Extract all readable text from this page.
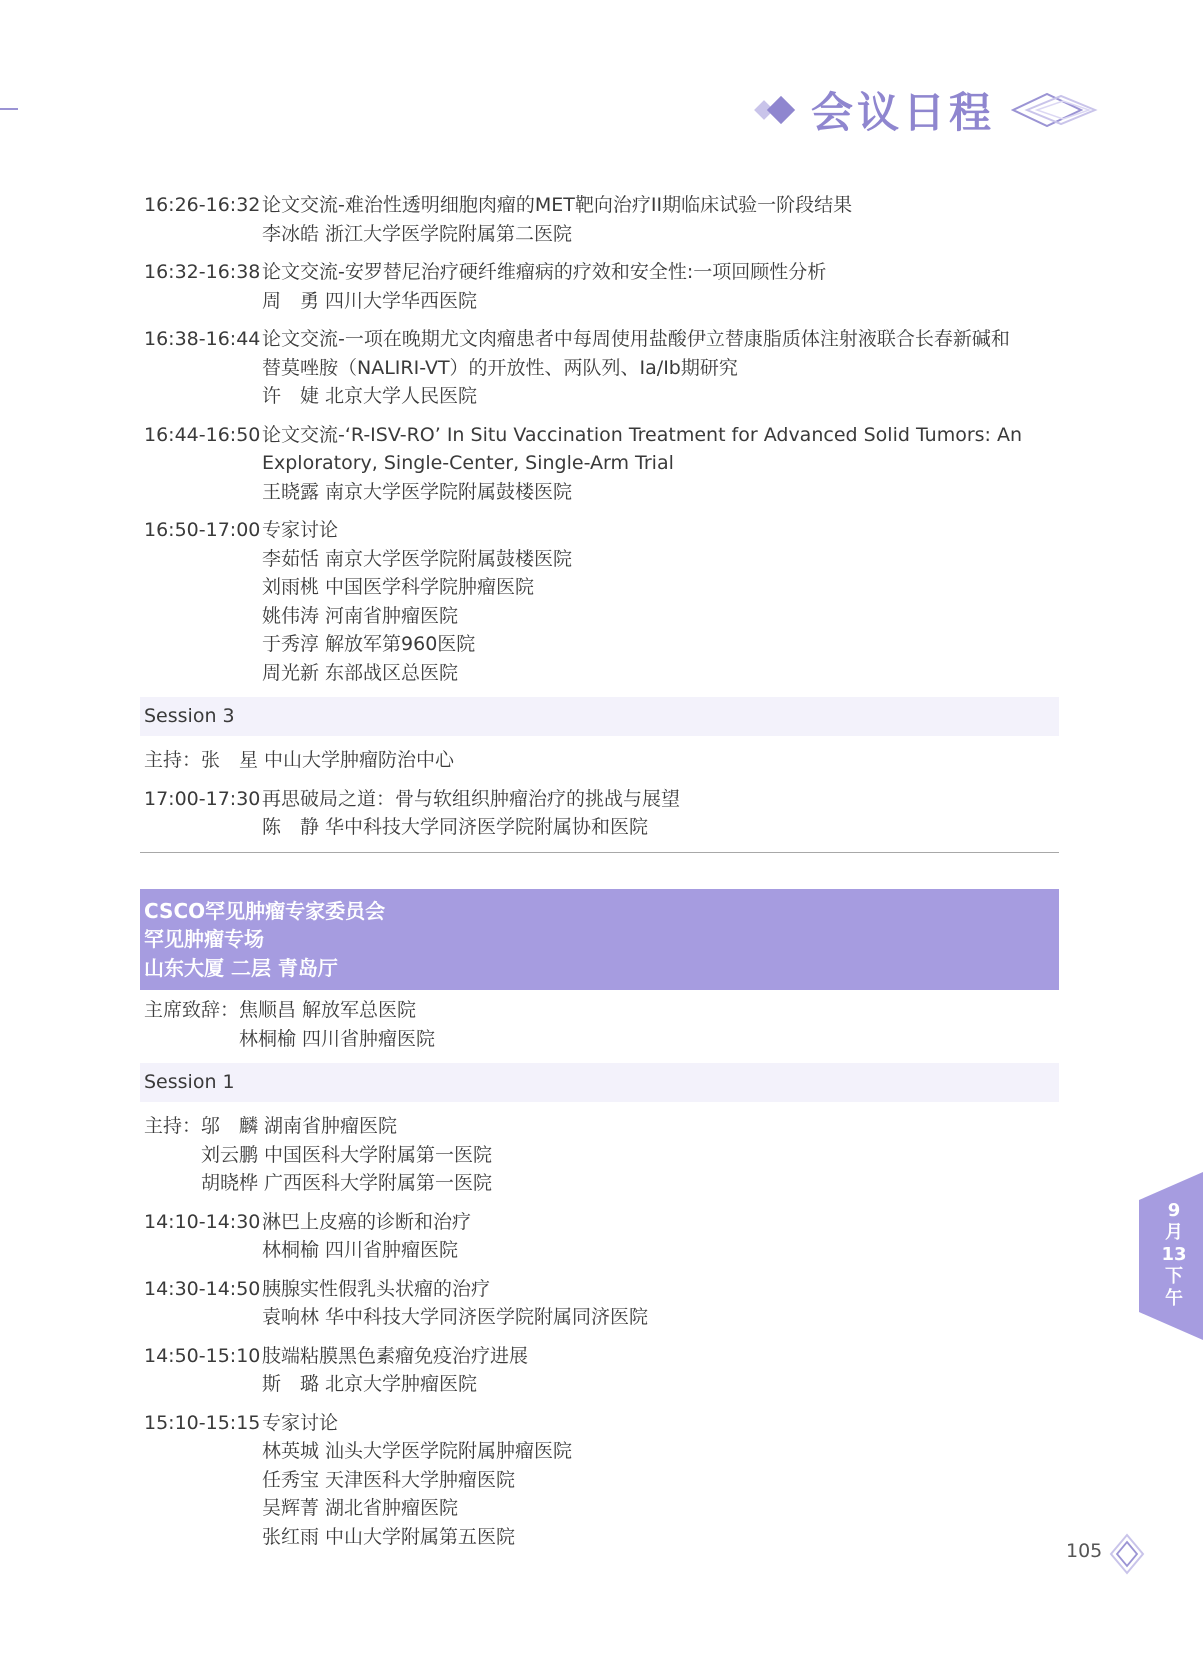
会议日程
16:26-16:32 论文交流-难治性透明细胞肉瘤的MET靶向治疗II期临床试验一阶段结果
李冰皓 浙江大学医学院附属第二医院
16:32-16:38 论文交流-安罗替尼治疗硬纤维瘤病的疗效和安全性:一项回顾性分析
周　勇 四川大学华西医院
16:38-16:44 论文交流-一项在晚期尤文肉瘤患者中每周使用盐酸伊立替康脂质体注射液联合长春新碱和
替莫唑胺（NALIRI-VT）的开放性、两队列、Ia/Ib期研究
许　婕 北京大学人民医院
16:44-16:50 论文交流-‘R-ISV-RO’ In Situ Vaccination Treatment for Advanced Solid Tumors: An
Exploratory, Single-Center, Single-Arm Trial
王晓露 南京大学医学院附属鼓楼医院
16:50-17:00 专家讨论
李茹恬 南京大学医学院附属鼓楼医院
刘雨桃 中国医学科学院肿瘤医院
姚伟涛 河南省肿瘤医院
于秀淳 解放军第960医院
周光新 东部战区总医院
Session 3
主持：张　星 中山大学肿瘤防治中心
17:00-17:30 再思破局之道：骨与软组织肿瘤治疗的挑战与展望
陈　静 华中科技大学同济医学院附属协和医院
CSCO罕见肿瘤专家委员会
罕见肿瘤专场
山东大厦 二层 青岛厅
主席致辞： 焦顺昌 解放军总医院
林桐榆 四川省肿瘤医院
Session 1
主持： 邬　麟 湖南省肿瘤医院
刘云鹏 中国医科大学附属第一医院
胡晓桦 广西医科大学附属第一医院
14:10-14:30 淋巴上皮癌的诊断和治疗
林桐榆 四川省肿瘤医院
14:30-14:50 胰腺实性假乳头状瘤的治疗
袁响林 华中科技大学同济医学院附属同济医院
14:50-15:10 肢端粘膜黑色素瘤免疫治疗进展
斯　璐 北京大学肿瘤医院
15:10-15:15 专家讨论
林英城 汕头大学医学院附属肿瘤医院
任秀宝 天津医科大学肿瘤医院
吴辉菁 湖北省肿瘤医院
张红雨 中山大学附属第五医院
9
月
13
下
午
105
